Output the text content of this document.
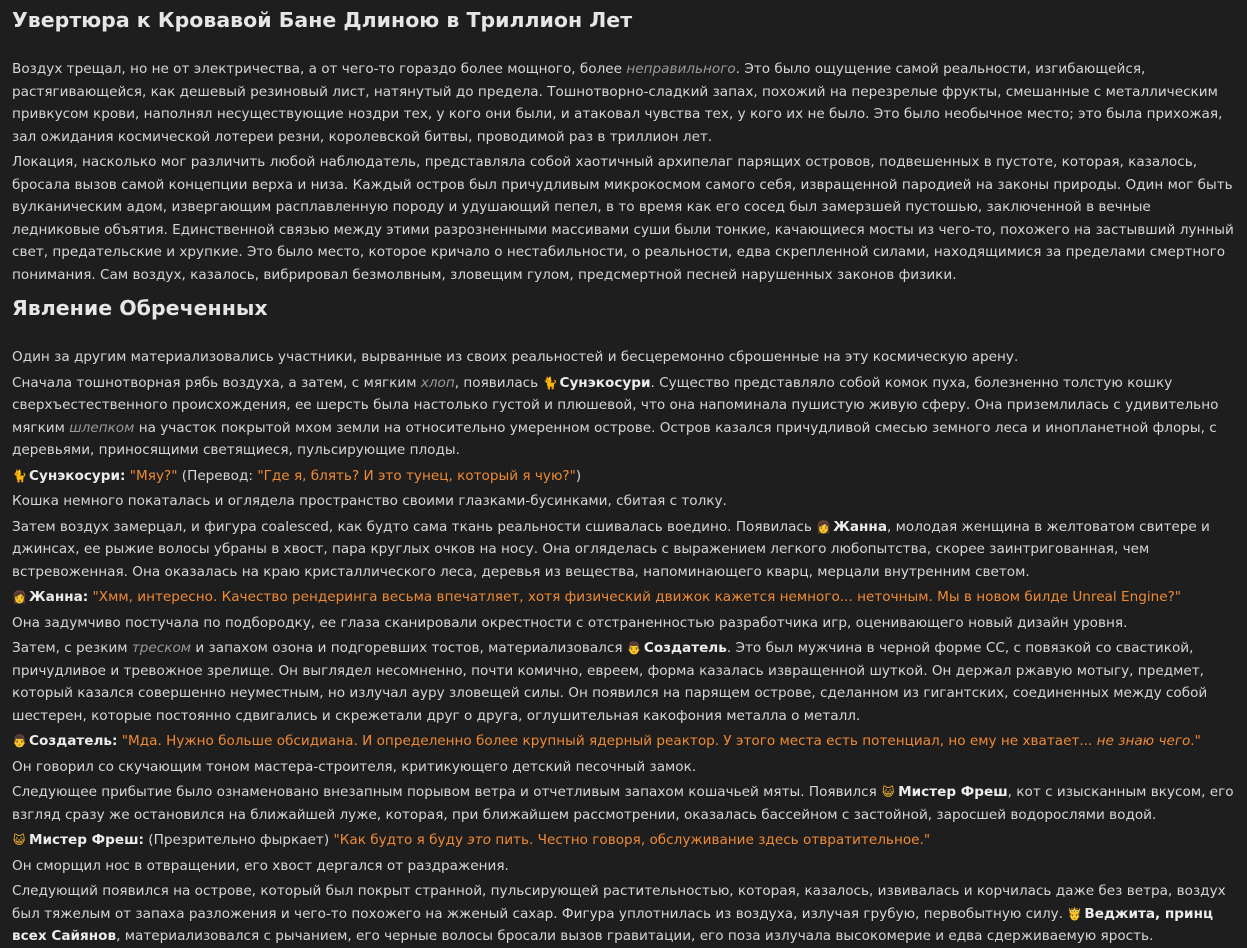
Увертюра к Кровавой Бане Длиною в Триллион Лет

Воздух трещал, но не от электричества, а от чего-то гораздо более мощного, более неправильного. Это было ощущение самой реальности, изгибающейся, растягивающейся, как дешевый резиновый лист, натянутый до предела. Тошнотворно-сладкий запах, похожий на перезрелые фрукты, смешанные с металлическим привкусом крови, наполнял несуществующие ноздри тех, у кого они были, и атаковал чувства тех, у кого их не было. Это было необычное место; это была прихожая, зал ожидания космической лотереи резни, королевской битвы, проводимой раз в триллион лет.

Локация, насколько мог различить любой наблюдатель, представляла собой хаотичный архипелаг парящих островов, подвешенных в пустоте, которая, казалось, бросала вызов самой концепции верха и низа. Каждый остров был причудливым микрокосмом самого себя, извращенной пародией на законы природы. Один мог быть вулканическим адом, извергающим расплавленную породу и удушающий пепел, в то время как его сосед был замерзшей пустошью, заключенной в вечные ледниковые объятия. Единственной связью между этими разрозненными массивами суши были тонкие, качающиеся мосты из чего-то, похожего на застывший лунный свет, предательские и хрупкие. Это было место, которое кричало о нестабильности, о реальности, едва скрепленной силами, находящимися за пределами смертного понимания. Сам воздух, казалось, вибрировал безмолвным, зловещим гулом, предсмертной песней нарушенных законов физики.

Явление Обреченных

Один за другим материализовались участники, вырванные из своих реальностей и бесцеремонно сброшенные на эту космическую арену.

Сначала тошнотворная рябь воздуха, а затем, с мягким хлоп, появилась 🐈 Сунэкосури. Существо представляло собой комок пуха, болезненно толстую кошку сверхъестественного происхождения, ее шерсть была настолько густой и плюшевой, что она напоминала пушистую живую сферу. Она приземлилась с удивительно мягким шлепком на участок покрытой мхом земли на относительно умеренном острове. Остров казался причудливой смесью земного леса и инопланетной флоры, с деревьями, приносящими светящиеся, пульсирующие плоды.

🐈 Сунэкосури: "Мяу?" (Перевод: "Где я, блять? И это тунец, который я чую?")

Кошка немного покаталась и оглядела пространство своими глазками-бусинками, сбитая с толку.

Затем воздух замерцал, и фигура coalesced, как будто сама ткань реальности сшивалась воедино. Появилась 👩 Жанна, молодая женщина в желтоватом свитере и джинсах, ее рыжие волосы убраны в хвост, пара круглых очков на носу. Она огляделась с выражением легкого любопытства, скорее заинтригованная, чем встревоженная. Она оказалась на краю кристаллического леса, деревья из вещества, напоминающего кварц, мерцали внутренним светом.

👩 Жанна: "Хмм, интересно. Качество рендеринга весьма впечатляет, хотя физический движок кажется немного... неточным. Мы в новом билде Unreal Engine?"

Она задумчиво постучала по подбородку, ее глаза сканировали окрестности с отстраненностью разработчика игр, оценивающего новый дизайн уровня.

Затем, с резким треском и запахом озона и подгоревших тостов, материализовался 👨 Создатель. Это был мужчина в черной форме СС, с повязкой со свастикой, причудливое и тревожное зрелище. Он выглядел несомненно, почти комично, евреем, форма казалась извращенной шуткой. Он держал ржавую мотыгу, предмет, который казался совершенно неуместным, но излучал ауру зловещей силы. Он появился на парящем острове, сделанном из гигантских, соединенных между собой шестерен, которые постоянно сдвигались и скрежетали друг о друга, оглушительная какофония металла о металл.

👨 Создатель: "Мда. Нужно больше обсидиана. И определенно более крупный ядерный реактор. У этого места есть потенциал, но ему не хватает... не знаю чего."

Он говорил со скучающим тоном мастера-строителя, критикующего детский песочный замок.

Следующее прибытие было ознаменовано внезапным порывом ветра и отчетливым запахом кошачьей мяты. Появился 😺 Мистер Фреш, кот с изысканным вкусом, его взгляд сразу же остановился на ближайшей луже, которая, при ближайшем рассмотрении, оказалась бассейном с застойной, заросшей водорослями водой.

😺 Мистер Фреш: (Презрительно фыркает) "Как будто я буду это пить. Честно говоря, обслуживание здесь отвратительное."

Он сморщил нос в отвращении, его хвост дергался от раздражения.

Следующий появился на острове, который был покрыт странной, пульсирующей растительностью, которая, казалось, извивалась и корчилась даже без ветра, воздух был тяжелым от запаха разложения и чего-то похожего на жженый сахар. Фигура уплотнилась из воздуха, излучая грубую, первобытную силу. 🤴 Веджита, принц всех Сайянов, материализовался с рычанием, его черные волосы бросали вызов гравитации, его поза излучала высокомерие и едва сдерживаемую ярость.
